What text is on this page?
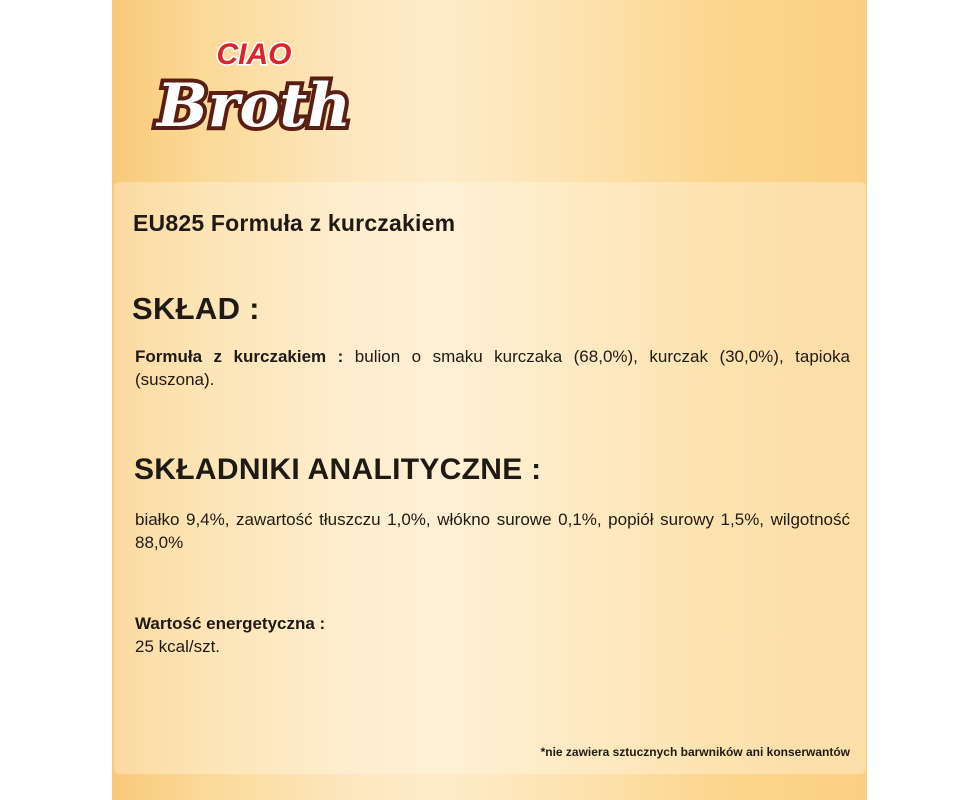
CIAO
Broth
EU825 Formuła z kurczakiem
SKŁAD :
Formuła z kurczakiem : bulion o smaku kurczaka (68,0%), kurczak (30,0%), tapioka (suszona).
SKŁADNIKI ANALITYCZNE :
białko 9,4%, zawartość tłuszczu 1,0%, włókno surowe 0,1%, popiół surowy 1,5%, wilgotność 88,0%
Wartość energetyczna :
25 kcal/szt.
*nie zawiera sztucznych barwników ani konserwantów
